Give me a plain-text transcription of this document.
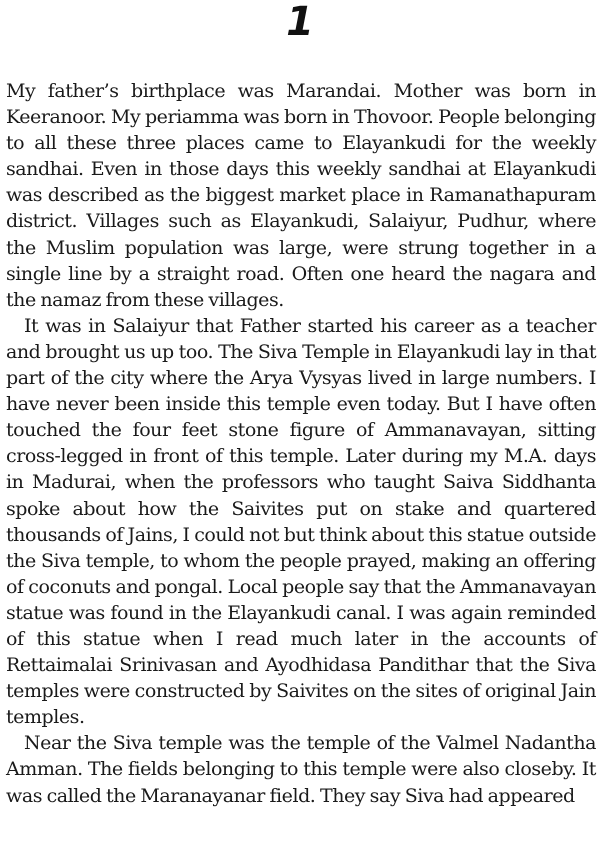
1

My father’s birthplace was Marandai. Mother was born in Keeranoor. My periamma was born in Thovoor. People belonging to all these three places came to Elayankudi for the weekly sandhai. Even in those days this weekly sandhai at Elayankudi was described as the biggest market place in Ramanathapuram district. Villages such as Elayankudi, Salaiyur, Pudhur, where the Muslim population was large, were strung together in a single line by a straight road. Often one heard the nagara and the namaz from these villages.

It was in Salaiyur that Father started his career as a teacher and brought us up too. The Siva Temple in Elayankudi lay in that part of the city where the Arya Vysyas lived in large numbers. I have never been inside this temple even today. But I have often touched the four feet stone figure of Ammanavayan, sitting cross-legged in front of this temple. Later during my M.A. days in Madurai, when the professors who taught Saiva Siddhanta spoke about how the Saivites put on stake and quartered thousands of Jains, I could not but think about this statue outside the Siva temple, to whom the people prayed, making an offering of coconuts and pongal. Local people say that the Ammanavayan statue was found in the Elayankudi canal. I was again reminded of this statue when I read much later in the accounts of Rettaimalai Srinivasan and Ayodhidasa Pandithar that the Siva temples were constructed by Saivites on the sites of original Jain temples.

Near the Siva temple was the temple of the Valmel Nadantha Amman. The fields belonging to this temple were also closeby. It was called the Maranayanar field. They say Siva had appeared
